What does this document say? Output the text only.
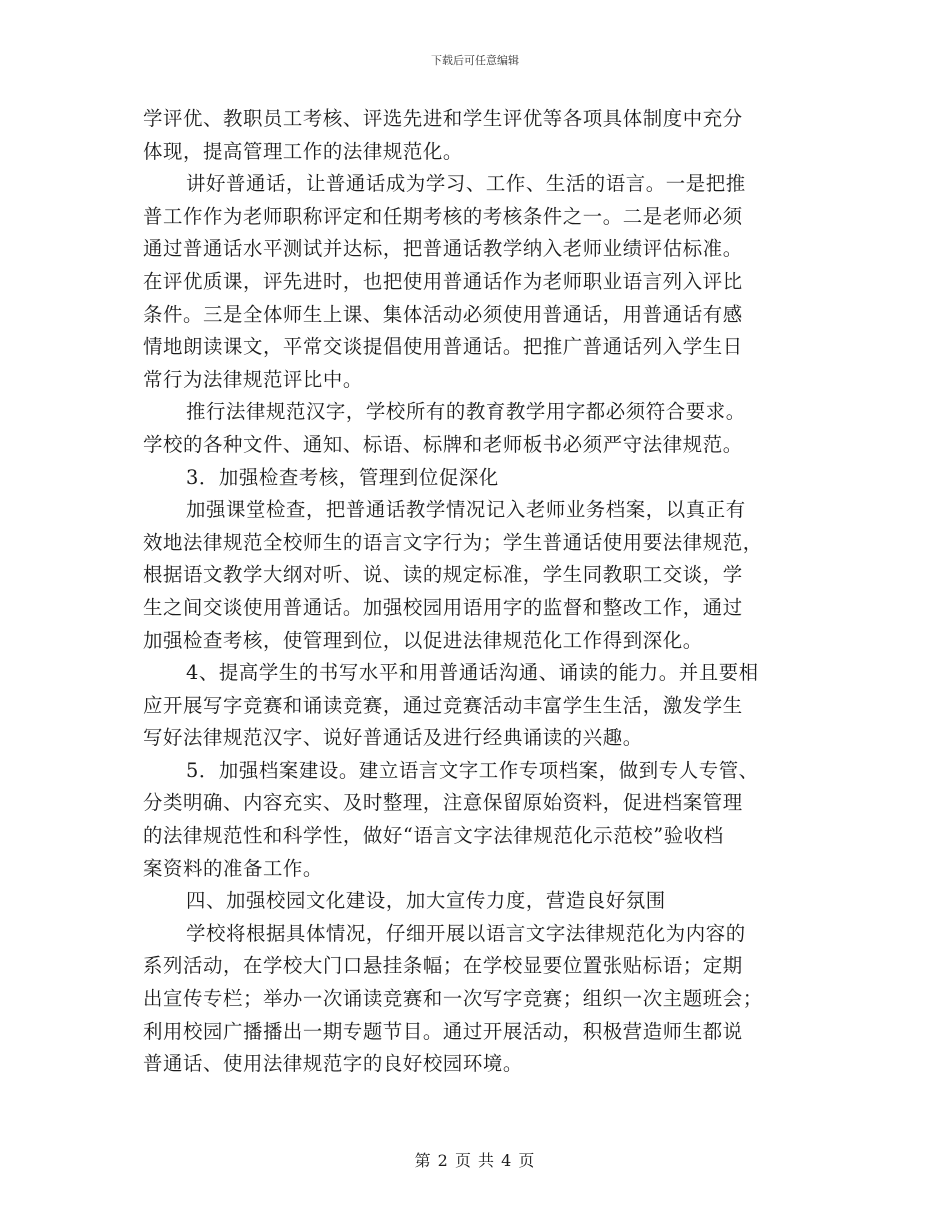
下载后可任意编辑
学评优、教职员工考核、评选先进和学生评优等各项具体制度中充分
体现，提高管理工作的法律规范化。
讲好普通话，让普通话成为学习、工作、生活的语言。一是把推
普工作作为老师职称评定和任期考核的考核条件之一。二是老师必须
通过普通话水平测试并达标，把普通话教学纳入老师业绩评估标准。
在评优质课，评先进时，也把使用普通话作为老师职业语言列入评比
条件。三是全体师生上课、集体活动必须使用普通话，用普通话有感
情地朗读课文，平常交谈提倡使用普通话。把推广普通话列入学生日
常行为法律规范评比中。
推行法律规范汉字，学校所有的教育教学用字都必须符合要求。
学校的各种文件、通知、标语、标牌和老师板书必须严守法律规范。
3．加强检查考核，管理到位促深化
加强课堂检查，把普通话教学情况记入老师业务档案，以真正有
效地法律规范全校师生的语言文字行为；学生普通话使用要法律规范，
根据语文教学大纲对听、说、读的规定标准，学生同教职工交谈，学
生之间交谈使用普通话。加强校园用语用字的监督和整改工作，通过
加强检查考核，使管理到位，以促进法律规范化工作得到深化。
4、提高学生的书写水平和用普通话沟通、诵读的能力。并且要相
应开展写字竞赛和诵读竞赛，通过竞赛活动丰富学生生活，激发学生
写好法律规范汉字、说好普通话及进行经典诵读的兴趣。
5．加强档案建设。建立语言文字工作专项档案，做到专人专管、
分类明确、内容充实、及时整理，注意保留原始资料，促进档案管理
的法律规范性和科学性，做好“语言文字法律规范化示范校”验收档
案资料的准备工作。
四、加强校园文化建设，加大宣传力度，营造良好氛围
学校将根据具体情况，仔细开展以语言文字法律规范化为内容的
系列活动，在学校大门口悬挂条幅；在学校显要位置张贴标语；定期
出宣传专栏；举办一次诵读竞赛和一次写字竞赛；组织一次主题班会；
利用校园广播播出一期专题节目。通过开展活动，积极营造师生都说
普通话、使用法律规范字的良好校园环境。
第 2 页 共 4 页
